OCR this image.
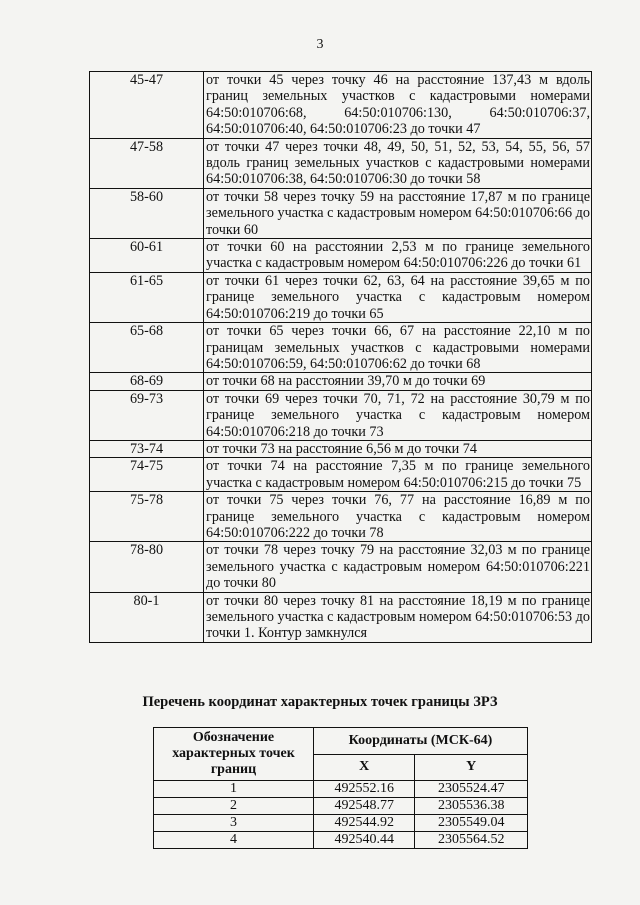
3
45-47	от точки 45 через точку 46 на расстояние 137,43 м вдоль границ земельных участков с кадастровыми номерами 64:50:010706:68, 64:50:010706:130, 64:50:010706:37, 64:50:010706:40, 64:50:010706:23 до точки 47
47-58	от точки 47 через точки 48, 49, 50, 51, 52, 53, 54, 55, 56, 57 вдоль границ земельных участков с кадастровыми номерами 64:50:010706:38, 64:50:010706:30 до точки 58
58-60	от точки 58 через точку 59 на расстояние 17,87 м по границе земельного участка с кадастровым номером 64:50:010706:66 до точки 60
60-61	от точки 60 на расстоянии 2,53 м по границе земельного участка с кадастровым номером 64:50:010706:226 до точки 61
61-65	от точки 61 через точки 62, 63, 64 на расстояние 39,65 м по границе земельного участка с кадастровым номером 64:50:010706:219 до точки 65
65-68	от точки 65 через точки 66, 67 на расстояние 22,10 м по границам земельных участков с кадастровыми номерами 64:50:010706:59, 64:50:010706:62 до точки 68
68-69	от точки 68 на расстоянии 39,70 м до точки 69
69-73	от точки 69 через точки 70, 71, 72 на расстояние 30,79 м по границе земельного участка с кадастровым номером 64:50:010706:218 до точки 73
73-74	от точки 73 на расстояние 6,56 м до точки 74
74-75	от точки 74 на расстояние 7,35 м по границе земельного участка с кадастровым номером 64:50:010706:215 до точки 75
75-78	от точки 75 через точки 76, 77 на расстояние 16,89 м по границе земельного участка с кадастровым номером 64:50:010706:222 до точки 78
78-80	от точки 78 через точку 79 на расстояние 32,03 м по границе земельного участка с кадастровым номером 64:50:010706:221 до точки 80
80-1	от точки 80 через точку 81 на расстояние 18,19 м по границе земельного участка с кадастровым номером 64:50:010706:53 до точки 1. Контур замкнулся
Перечень координат характерных точек границы ЗРЗ
Обозначение характерных точек границ	Координаты (МСК-64)	
	X	Y
1	492552.16	2305524.47
2	492548.77	2305536.38
3	492544.92	2305549.04
4	492540.44	2305564.52
